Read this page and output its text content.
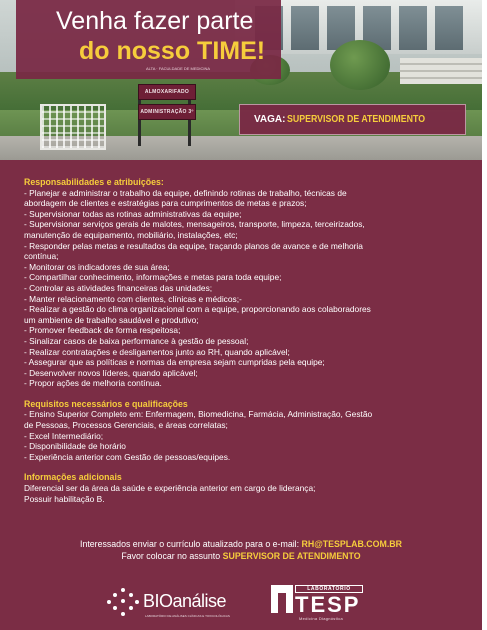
ALMOXARIFADO
ADMINISTRAÇÃO 3º
Venha fazer parte
do nosso TIME!
ALTA · FACULDADE DE MEDICINA
VAGA: SUPERVISOR DE ATENDIMENTO
Responsabilidades e atribuições:
- Planejar e administrar o trabalho da equipe, definindo rotinas de trabalho, técnicas de
abordagem de clientes e estratégias para cumprimentos de metas e prazos;
- Supervisionar todas as rotinas administrativas da equipe;
- Supervisionar serviços gerais de malotes, mensageiros, transporte, limpeza, terceirizados,
manutenção de equipamento, mobiliário, instalações, etc;
- Responder pelas metas e resultados da equipe, traçando planos de avance e de melhoria
contínua;
- Monitorar os indicadores de sua área;
- Compartilhar conhecimento, informações e metas para toda equipe;
- Controlar as atividades financeiras das unidades;
- Manter relacionamento com clientes, clínicas e médicos;-
- Realizar a gestão do clima organizacional com a equipe, proporcionando aos colaboradores
um ambiente de trabalho saudável e produtivo;
- Promover feedback de forma respeitosa;
- Sinalizar casos de baixa performance à gestão de pessoal;
- Realizar contratações e desligamentos junto ao RH, quando aplicável;
- Assegurar que as políticas e normas da empresa sejam cumpridas pela equipe;
- Desenvolver novos líderes, quando aplicável;
- Propor ações de melhoria contínua.
Requisitos necessários e qualificações
- Ensino Superior Completo em: Enfermagem, Biomedicina, Farmácia, Administração, Gestão
de Pessoas, Processos Gerenciais, e áreas correlatas;
- Excel Intermediário;
- Disponibilidade de horário
- Experiência anterior com Gestão de pessoas/equipes.
Informações adicionais
Diferencial ser da área da saúde e experiência anterior em cargo de liderança;
Possuir habilitação B.
Interessados enviar o currículo atualizado para o e-mail: RH@TESPLAB.COM.BR
Favor colocar no assunto SUPERVISOR DE ATENDIMENTO
BIOanálise
LABORATÓRIO DE ANÁLISES CLÍNICAS E TOXICOLÓGICAS
LABORATÓRIO
TESP
Medicina Diagnóstica
